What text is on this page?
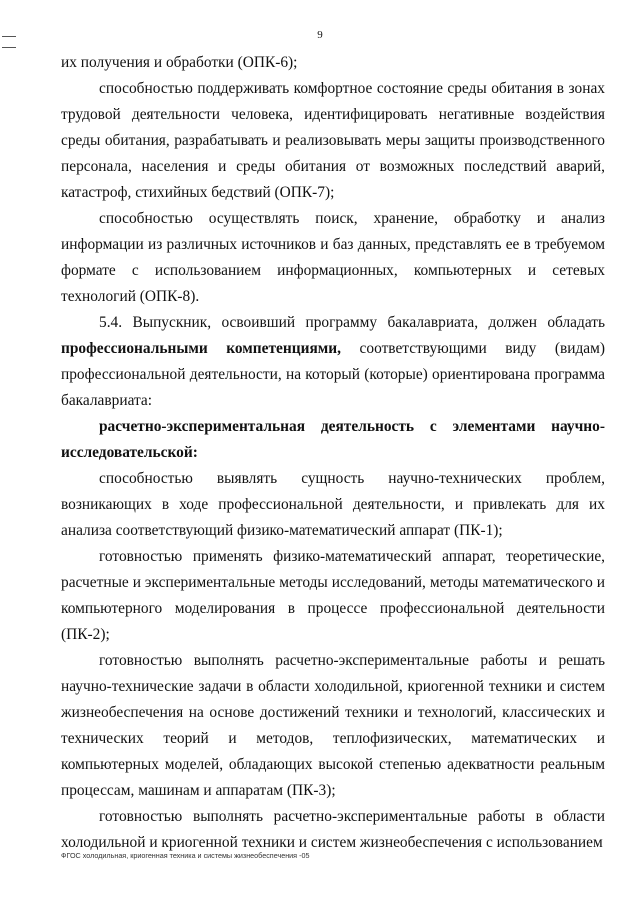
9

их получения и обработки (ОПК-6);

способностью поддерживать комфортное состояние среды обитания в зонах трудовой деятельности человека, идентифицировать негативные воздействия среды обитания, разрабатывать и реализовывать меры защиты производственного персонала, населения и среды обитания от возможных последствий аварий, катастроф, стихийных бедствий (ОПК-7);

способностью осуществлять поиск, хранение, обработку и анализ информации из различных источников и баз данных, представлять ее в требуемом формате с использованием информационных, компьютерных и сетевых технологий (ОПК-8).

5.4. Выпускник, освоивший программу бакалавриата, должен обладать профессиональными компетенциями, соответствующими виду (видам) профессиональной деятельности, на который (которые) ориентирована программа бакалавриата:

расчетно-экспериментальная деятельность с элементами научно-исследовательской:

способностью выявлять сущность научно-технических проблем, возникающих в ходе профессиональной деятельности, и привлекать для их анализа соответствующий физико-математический аппарат (ПК-1);

готовностью применять физико-математический аппарат, теоретические, расчетные и экспериментальные методы исследований, методы математического и компьютерного моделирования в процессе профессиональной деятельности (ПК-2);

готовностью выполнять расчетно-экспериментальные работы и решать научно-технические задачи в области холодильной, криогенной техники и систем жизнеобеспечения на основе достижений техники и технологий, классических и технических теорий и методов, теплофизических, математических и компьютерных моделей, обладающих высокой степенью адекватности реальным процессам, машинам и аппаратам (ПК-3);

готовностью выполнять расчетно-экспериментальные работы в области холодильной и криогенной техники и систем жизнеобеспечения с использованием

ФГОС холодильная, криогенная техника и системы жизнеобеспечения -05
